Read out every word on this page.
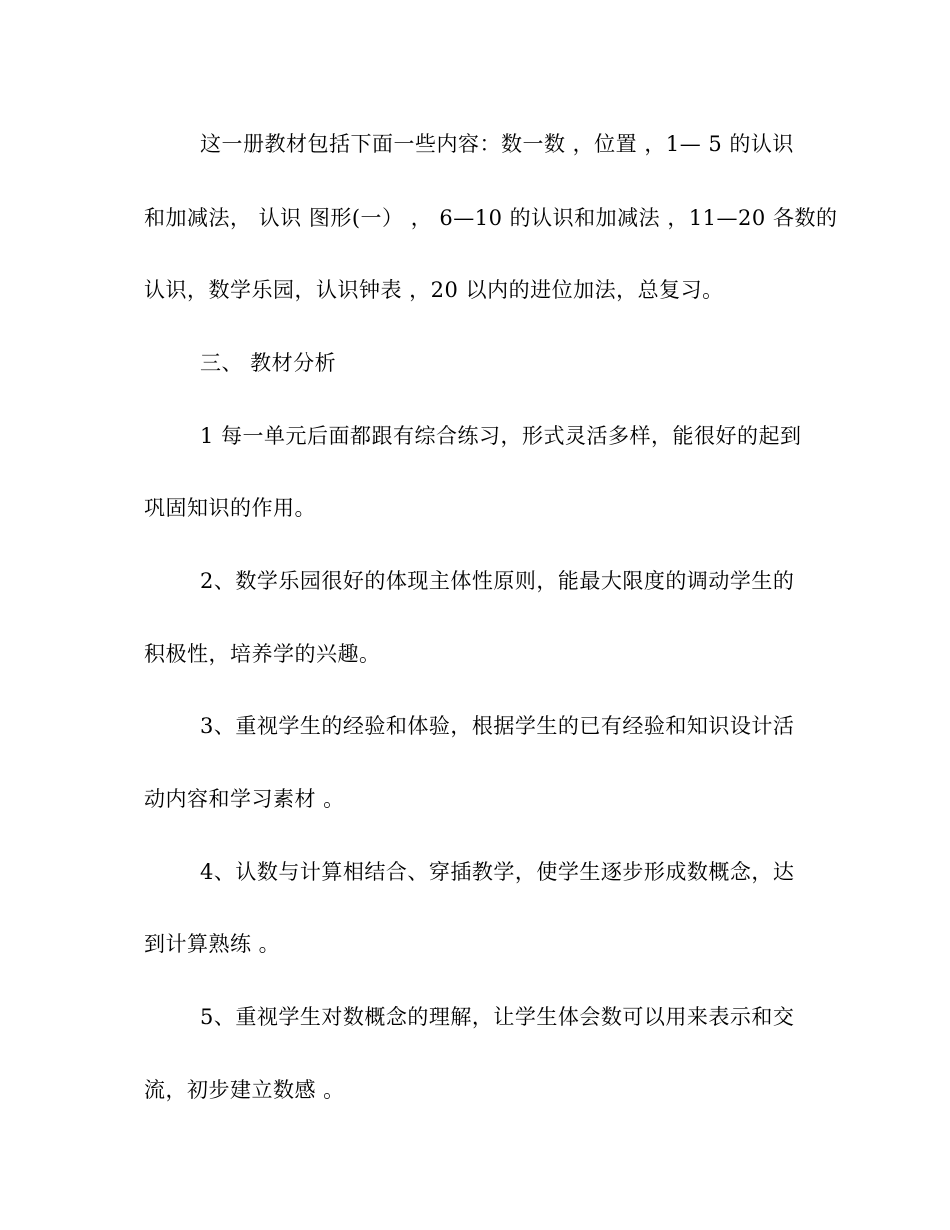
这一册教材包括下面一些内容：数一数 ，位置 ，1— 5 的认识
和加减法， 认识 图形(一） ， 6—10 的认识和加减法 ，11—20 各数的
认识，数学乐园，认识钟表 ，20 以内的进位加法，总复习。
三、 教材分析
1 每一单元后面都跟有综合练习，形式灵活多样，能很好的起到
巩固知识的作用。
2、数学乐园很好的体现主体性原则，能最大限度的调动学生的
积极性，培养学的兴趣。
3、重视学生的经验和体验，根据学生的已有经验和知识设计活
动内容和学习素材 。
4、认数与计算相结合、穿插教学，使学生逐步形成数概念，达
到计算熟练 。
5、重视学生对数概念的理解，让学生体会数可以用来表示和交
流，初步建立数感 。
